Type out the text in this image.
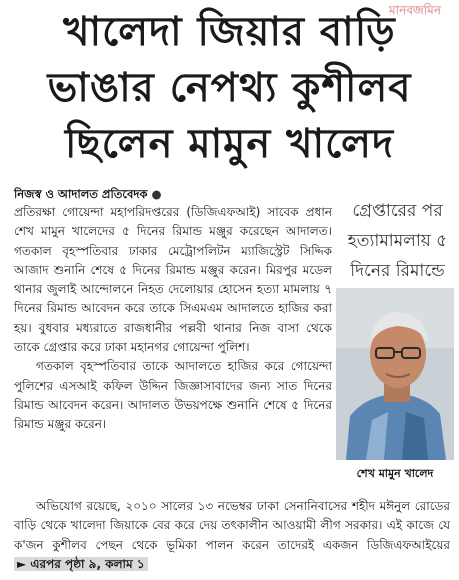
মানবজমিন
খালেদা জিয়ার বাড়ি
ভাঙার নেপথ্য কুশীলব
ছিলেন মামুন খালেদ
নিজস্ব ও আদালত প্রতিবেদক ●

প্রতিরক্ষা গোয়েন্দা মহাপরিদপ্তরের (ডিজিএফআই) সাবেক প্রধান শেখ মামুন খালেদের ৫ দিনের রিমান্ড মঞ্জুর করেছেন আদালত। গতকাল বৃহস্পতিবার ঢাকার মেট্রোপলিটন ম্যাজিস্ট্রেট সিদ্দিক আজাদ শুনানি শেষে ৫ দিনের রিমান্ড মঞ্জুর করেন। মিরপুর মডেল থানার জুলাই আন্দোলনে নিহত দেলোয়ার হোসেন হত্যা মামলায় ৭ দিনের রিমান্ড আবেদন করে তাকে সিএমএম আদালতে হাজির করা হয়। বুধবার মধ্যরাতে রাজধানীর পল্লবী থানার নিজ বাসা থেকে তাকে গ্রেপ্তার করে ঢাকা মহানগর গোয়েন্দা পুলিশ।

গতকাল বৃহস্পতিবার তাকে আদালতে হাজির করে গোয়েন্দা পুলিশের এসআই কফিল উদ্দিন জিজ্ঞাসাবাদের জন্য সাত দিনের রিমান্ড আবেদন করেন। আদালত উভয়পক্ষে শুনানি শেষে ৫ দিনের রিমান্ড মঞ্জুর করেন।

গ্রেপ্তারের পর
হত্যামামলায় ৫
দিনের রিমান্ডে
শেখ মামুন খালেদ

অভিযোগ রয়েছে, ২০১০ সালের ১৩ নভেম্বর ঢাকা সেনানিবাসের শহীদ মঈনুল রোডের বাড়ি থেকে খালেদা জিয়াকে বের করে দেয় তৎকালীন আওয়ামী লীগ সরকার। এই কাজে যে ক'জন কুশীলব পেছন থেকে ভূমিকা পালন করেন তাদেরই একজন ডিজিএফআইয়ের ► এরপর পৃষ্ঠা ৯, কলাম ১
